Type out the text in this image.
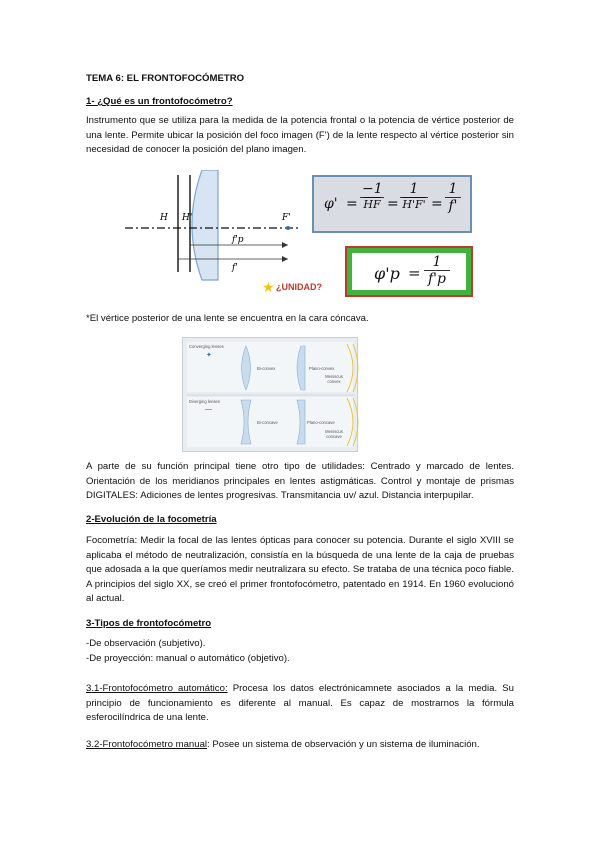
TEMA 6: EL FRONTOFOCÓMETRO
1- ¿Qué es un frontofocómetro?
Instrumento que se utiliza para la medida de la potencia frontal o la potencia de vértice posterior de una lente. Permite ubicar la posición del foco imagen (F') de la lente respecto al vértice posterior sin necesidad de conocer la posición del plano imagen.
H H'	F'
f'p
f'
★ ¿UNIDAD?
φ' =
−1
$\overline{HF}$ =
1
$H'F' = \frac{1}{f'}$
$\varphi'p = \frac{1}{f'p}$
*El vértice posterior de una lente se encuentra en la cara cóncava.
Converging lenses
✦
Diverging lenses
—
Bi-convex	Plano-convex
Meniscus convex
Bi-concave	Plano-concave
Meniscus concave
A parte de su función principal tiene otro tipo de utilidades: Centrado y marcado de lentes. Orientación de los meridianos principales en lentes astigmáticas. Control y montaje de prismas DIGITALES: Adiciones de lentes progresivas. Transmitancia uv/ azul. Distancia interpupilar.
2-Evolución de la focometría
Focometría: Medir la focal de las lentes ópticas para conocer su potencia. Durante el siglo XVIII se aplicaba el método de neutralización, consistía en la búsqueda de una lente de la caja de pruebas que adosada a la que queríamos medir neutralizara su efecto. Se trataba de una técnica poco fiable. A principios del siglo XX, se creó el primer frontofocómetro, patentado en 1914. En 1960 evolucionó al actual.
3-Tipos de frontofocómetro
-De observación (subjetivo).
-De proyección: manual o automático (objetivo).
3.1-Frontofocómetro automático: Procesa los datos electrónicamnete asociados a la media. Su principio de funcionamiento es diferente al manual. Es capaz de mostrarnos la fórmula esferocilíndrica de una lente.
3.2-Frontofocómetro manual: Posee un sistema de observación y un sistema de iluminación.
